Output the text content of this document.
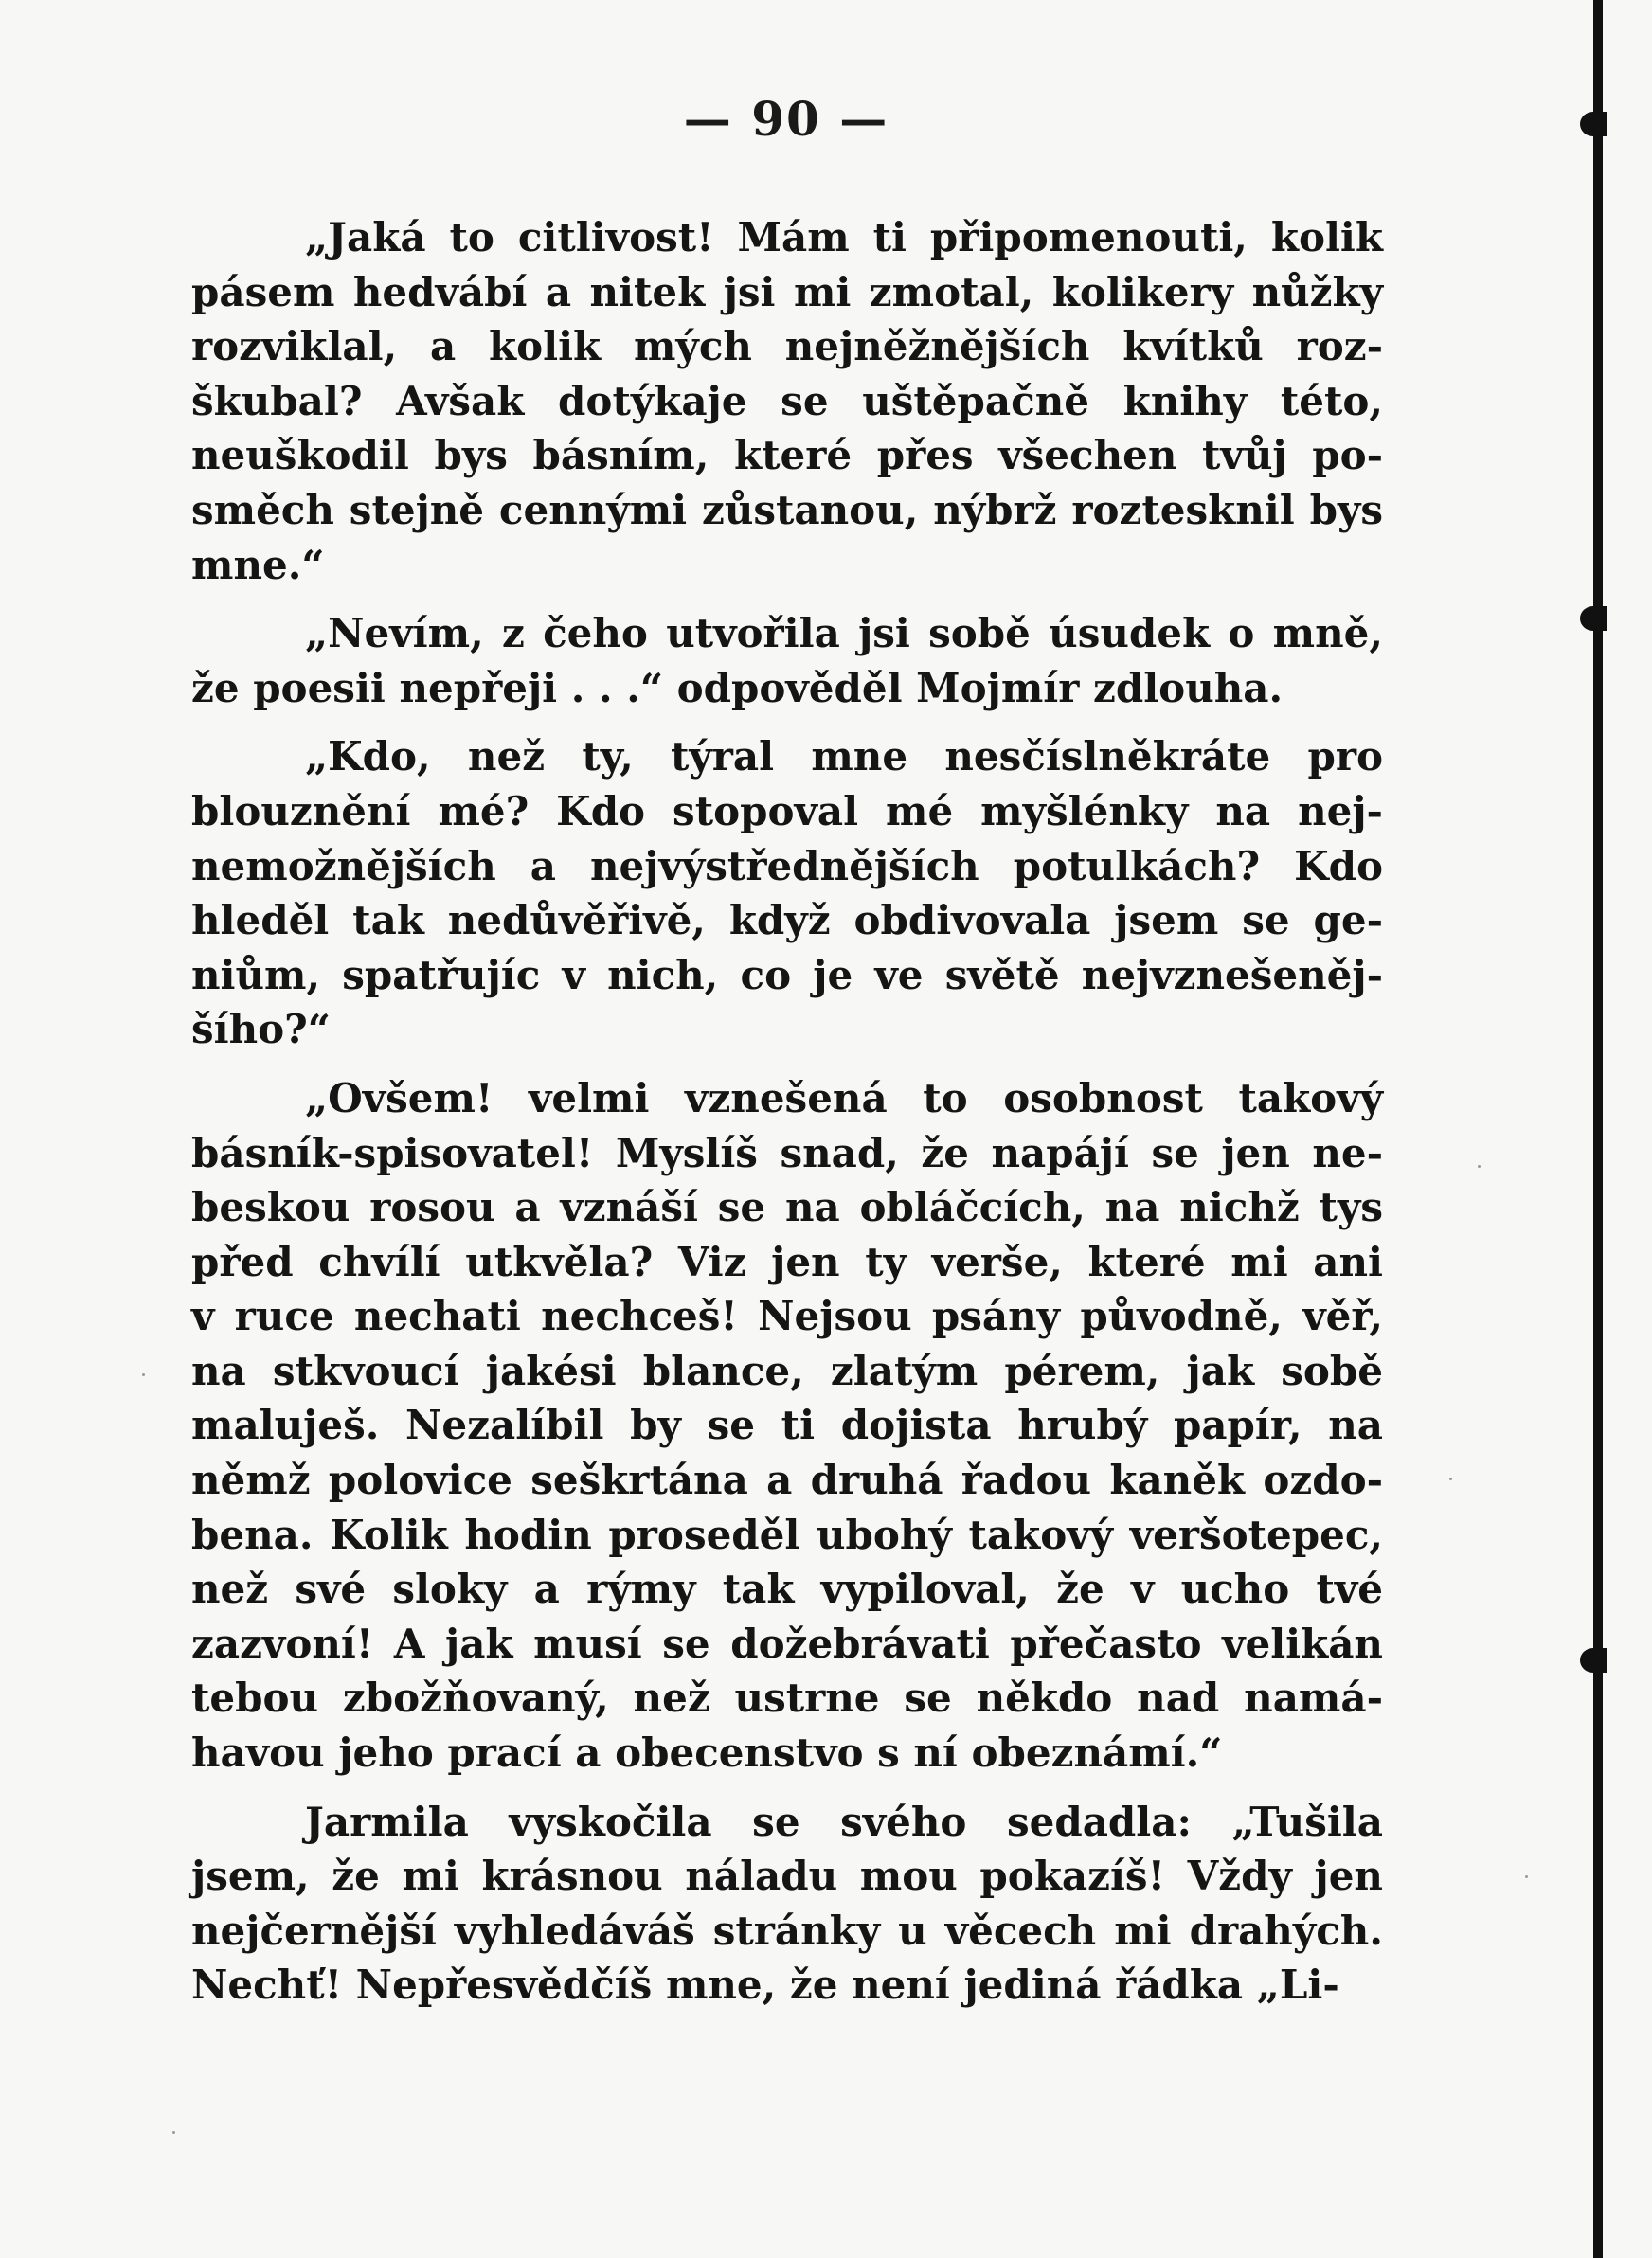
— 90 —
„Jaká to citlivost! Mám ti připomenouti, kolik
pásem hedvábí a nitek jsi mi zmotal, kolikery nůžky
rozviklal, a kolik mých nejněžnějších kvítků roz-
škubal? Avšak dotýkaje se uštěpačně knihy této,
neuškodil bys básním, které přes všechen tvůj po-
směch stejně cennými zůstanou, nýbrž roztesknil bys
mne.“
„Nevím, z čeho utvořila jsi sobě úsudek o mně,
že poesii nepřeji . . .“ odpověděl Mojmír zdlouha.
„Kdo, než ty, týral mne nesčíslněkráte pro
blouznění mé? Kdo stopoval mé myšlénky na nej-
nemožnějších a nejvýstřednějších potulkách? Kdo
hleděl tak nedůvěřivě, když obdivovala jsem se ge-
niům, spatřujíc v nich, co je ve světě nejvznešeněj-
šího?“
„Ovšem! velmi vznešená to osobnost takový
básník-spisovatel! Myslíš snad, že napájí se jen ne-
beskou rosou a vznáší se na obláčcích, na nichž tys
před chvílí utkvěla? Viz jen ty verše, které mi ani
v ruce nechati nechceš! Nejsou psány původně, věř,
na stkvoucí jakési blance, zlatým pérem, jak sobě
maluješ. Nezalíbil by se ti dojista hrubý papír, na
němž polovice seškrtána a druhá řadou kaněk ozdo-
bena. Kolik hodin proseděl ubohý takový veršotepec,
než své sloky a rýmy tak vypiloval, že v ucho tvé
zazvoní! A jak musí se dožebrávati přečasto velikán
tebou zbožňovaný, než ustrne se někdo nad namá-
havou jeho prací a obecenstvo s ní obeznámí.“
Jarmila vyskočila se svého sedadla: „Tušila
jsem, že mi krásnou náladu mou pokazíš! Vždy jen
nejčernější vyhledáváš stránky u věcech mi drahých.
Nechť! Nepřesvědčíš mne, že není jediná řádka „Li-
